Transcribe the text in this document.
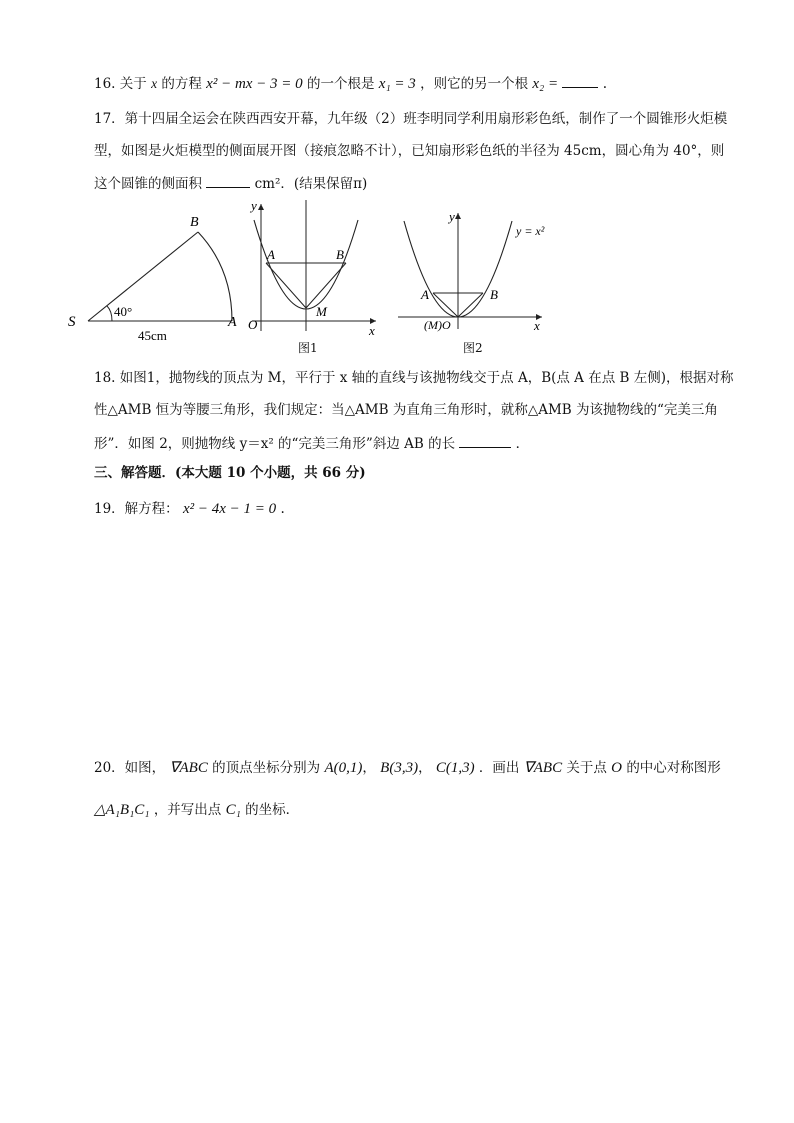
16. 关于 x 的方程 x² − mx − 3 = 0 的一个根是 x₁ = 3 ，则它的另一个根 x₂ =	.
17．第十四届全运会在陕西西安开幕，九年级（2）班李明同学利用扇形彩色纸，制作了一个圆锥形火炬模
型，如图是火炬模型的侧面展开图（接痕忽略不计），已知扇形彩色纸的半径为 45cm，圆心角为 40°，则
这个圆锥的侧面积	cm²．(结果保留π)
S	A
B
40°
45cm
y
x
O
A	B
M
图1
y
x
(M)O
A	B
y = x²
图2
18. 如图1，抛物线的顶点为 M，平行于 x 轴的直线与该抛物线交于点 A，B(点 A 在点 B 左侧)，根据对称
性△AMB 恒为等腰三角形，我们规定：当△AMB 为直角三角形时，就称△AMB 为该抛物线的“完美三角
形”．如图 2，则抛物线 y＝x² 的“完美三角形”斜边 AB 的长	．
三、解答题．(本大题 10 个小题，共 66 分)
19．解方程： x² − 4x − 1 = 0 .
20．如图， ∇ABC 的顶点坐标分别为 A(0,1)， B(3,3)， C(1,3) ．画出 ∇ABC 关于点 O 的中心对称图形
△A₁B₁C₁ ，并写出点 C₁ 的坐标．
